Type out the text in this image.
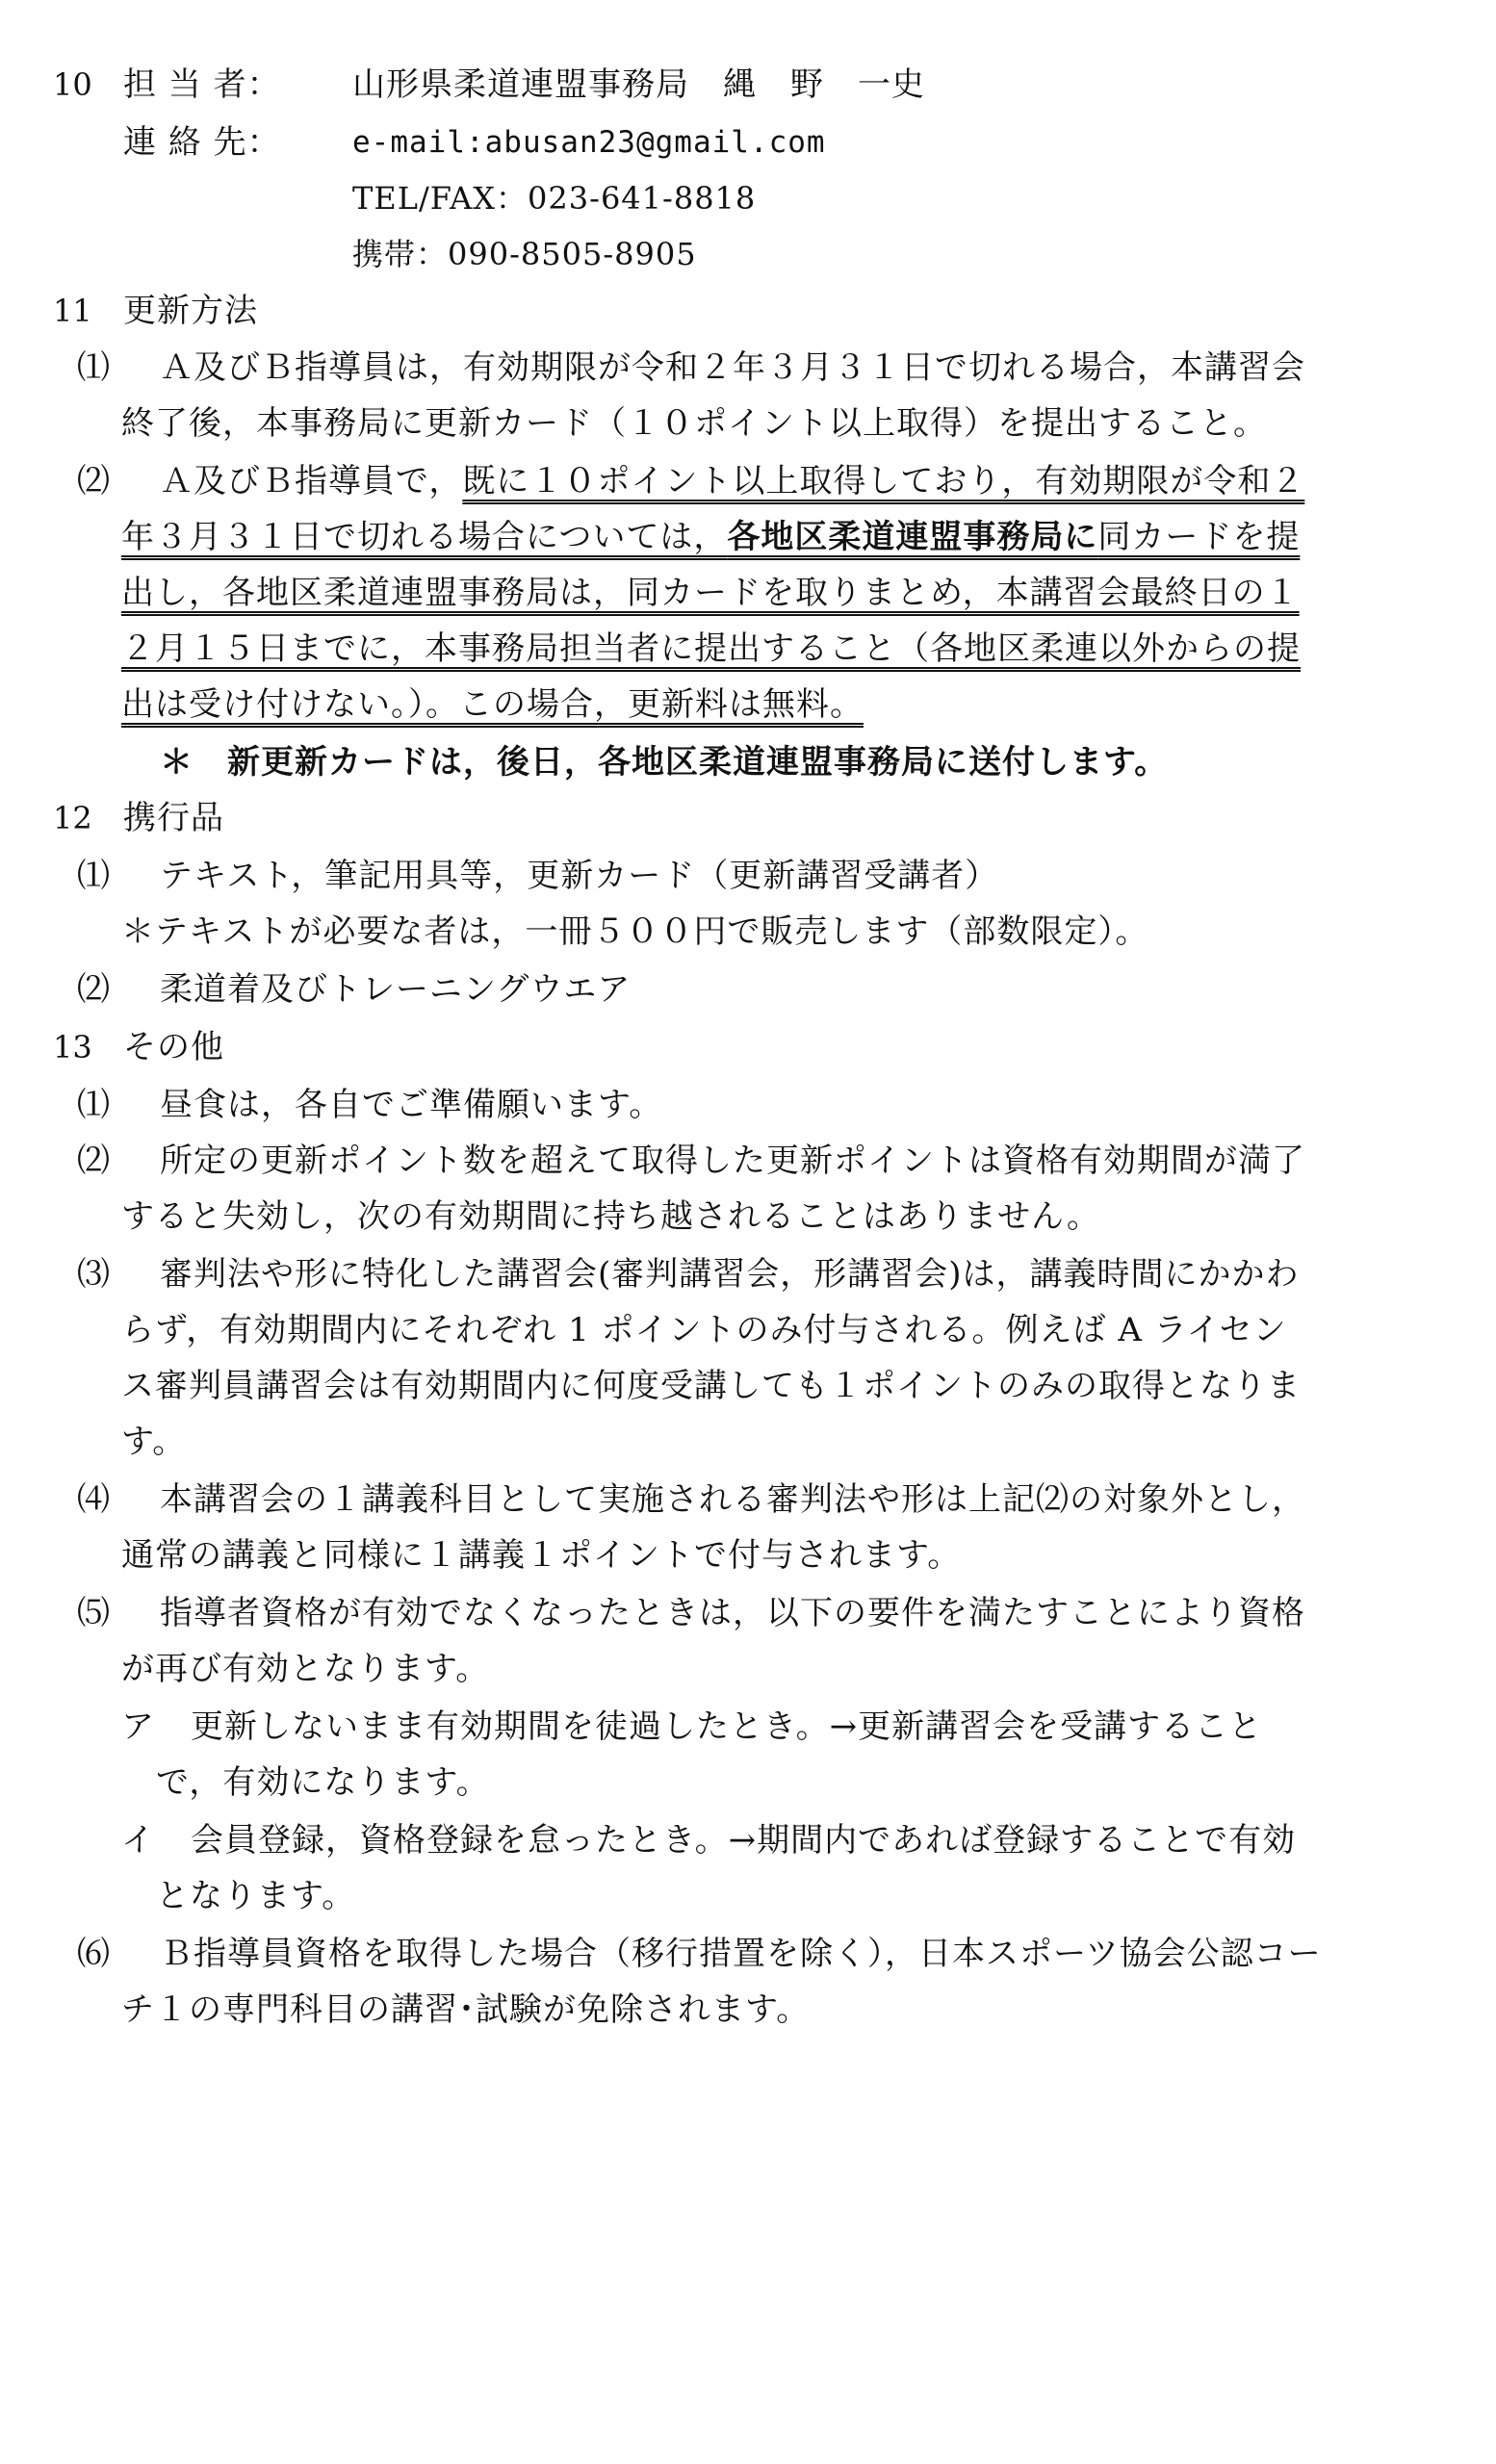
10 担 当 者： 山形県柔道連盟事務局　縄　野　一史
連 絡 先： e-mail:abusan23@gmail.com
TEL/FAX：023-641-8818
携帯：090-8505-8905
11 更新方法
⑴ Ａ及びＢ指導員は，有効期限が令和２年３月３１日で切れる場合，本講習会
終了後，本事務局に更新カード（１０ポイント以上取得）を提出すること。
⑵ Ａ及びＢ指導員で，既に１０ポイント以上取得しており，有効期限が令和２
年３月３１日で切れる場合については，各地区柔道連盟事務局に同カードを提
出し，各地区柔道連盟事務局は，同カードを取りまとめ，本講習会最終日の１
２月１５日までに，本事務局担当者に提出すること（各地区柔連以外からの提
出は受け付けない。）。この場合，更新料は無料。
＊　新更新カードは，後日，各地区柔道連盟事務局に送付します。
12 携行品
⑴ テキスト，筆記用具等，更新カード（更新講習受講者）
＊テキストが必要な者は，一冊５００円で販売します（部数限定）。
⑵ 柔道着及びトレーニングウエア
13 その他
⑴ 昼食は，各自でご準備願います。
⑵ 所定の更新ポイント数を超えて取得した更新ポイントは資格有効期間が満了
すると失効し，次の有効期間に持ち越されることはありません。
⑶ 審判法や形に特化した講習会(審判講習会，形講習会)は，講義時間にかかわ
らず，有効期間内にそれぞれ 1 ポイントのみ付与される。例えば A ライセン
ス審判員講習会は有効期間内に何度受講しても１ポイントのみの取得となりま
す。
⑷ 本講習会の１講義科目として実施される審判法や形は上記⑵の対象外とし，
通常の講義と同様に１講義１ポイントで付与されます。
⑸ 指導者資格が有効でなくなったときは，以下の要件を満たすことにより資格
が再び有効となります。
ア 更新しないまま有効期間を徒過したとき。→更新講習会を受講すること
で，有効になります。
イ 会員登録，資格登録を怠ったとき。→期間内であれば登録することで有効
となります。
⑹ Ｂ指導員資格を取得した場合（移行措置を除く），日本スポーツ協会公認コー
チ１の専門科目の講習･試験が免除されます。
